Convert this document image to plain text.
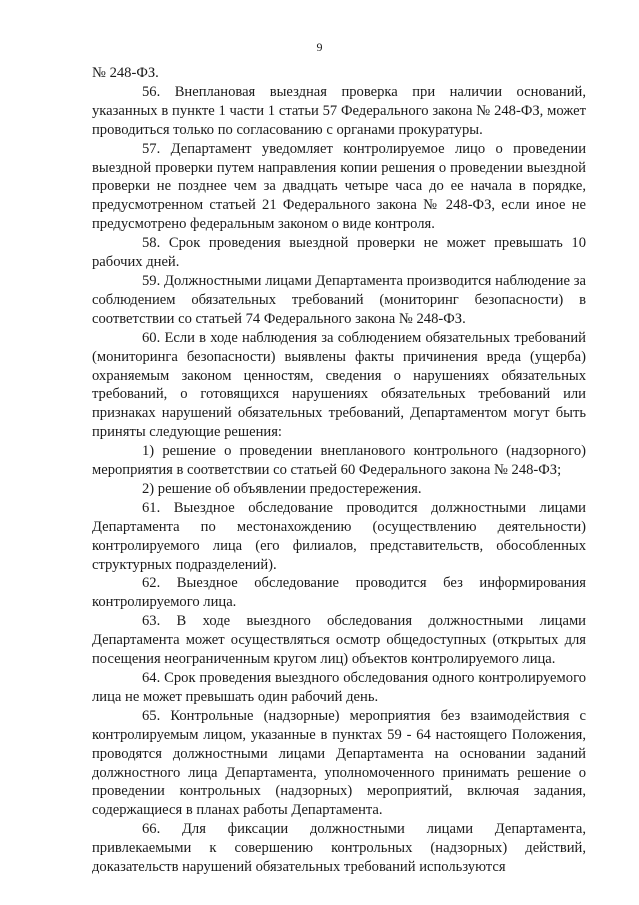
9

№ 248-ФЗ.

56. Внеплановая выездная проверка при наличии оснований, указанных в пункте 1 части 1 статьи 57 Федерального закона № 248-ФЗ, может проводиться только по согласованию с органами прокуратуры.

57. Департамент уведомляет контролируемое лицо о проведении выездной проверки путем направления копии решения о проведении выездной проверки не позднее чем за двадцать четыре часа до ее начала в порядке, предусмотренном статьей 21 Федерального закона № 248-ФЗ, если иное не предусмотрено федеральным законом о виде контроля.

58. Срок проведения выездной проверки не может превышать 10 рабочих дней.

59. Должностными лицами Департамента производится наблюдение за соблюдением обязательных требований (мониторинг безопасности) в соответствии со статьей 74 Федерального закона № 248-ФЗ.

60. Если в ходе наблюдения за соблюдением обязательных требований (мониторинга безопасности) выявлены факты причинения вреда (ущерба) охраняемым законом ценностям, сведения о нарушениях обязательных требований, о готовящихся нарушениях обязательных требований или признаках нарушений обязательных требований, Департаментом могут быть приняты следующие решения:

1) решение о проведении внепланового контрольного (надзорного) мероприятия в соответствии со статьей 60 Федерального закона № 248-ФЗ;

2) решение об объявлении предостережения.

61. Выездное обследование проводится должностными лицами Департамента по местонахождению (осуществлению деятельности) контролируемого лица (его филиалов, представительств, обособленных структурных подразделений).

62. Выездное обследование проводится без информирования контролируемого лица.

63. В ходе выездного обследования должностными лицами Департамента может осуществляться осмотр общедоступных (открытых для посещения неограниченным кругом лиц) объектов контролируемого лица.

64. Срок проведения выездного обследования одного контролируемого лица не может превышать один рабочий день.

65. Контрольные (надзорные) мероприятия без взаимодействия с контролируемым лицом, указанные в пунктах 59 - 64 настоящего Положения, проводятся должностными лицами Департамента на основании заданий должностного лица Департамента, уполномоченного принимать решение о проведении контрольных (надзорных) мероприятий, включая задания, содержащиеся в планах работы Департамента.

66. Для фиксации должностными лицами Департамента, привлекаемыми к совершению контрольных (надзорных) действий, доказательств нарушений обязательных требований используются
